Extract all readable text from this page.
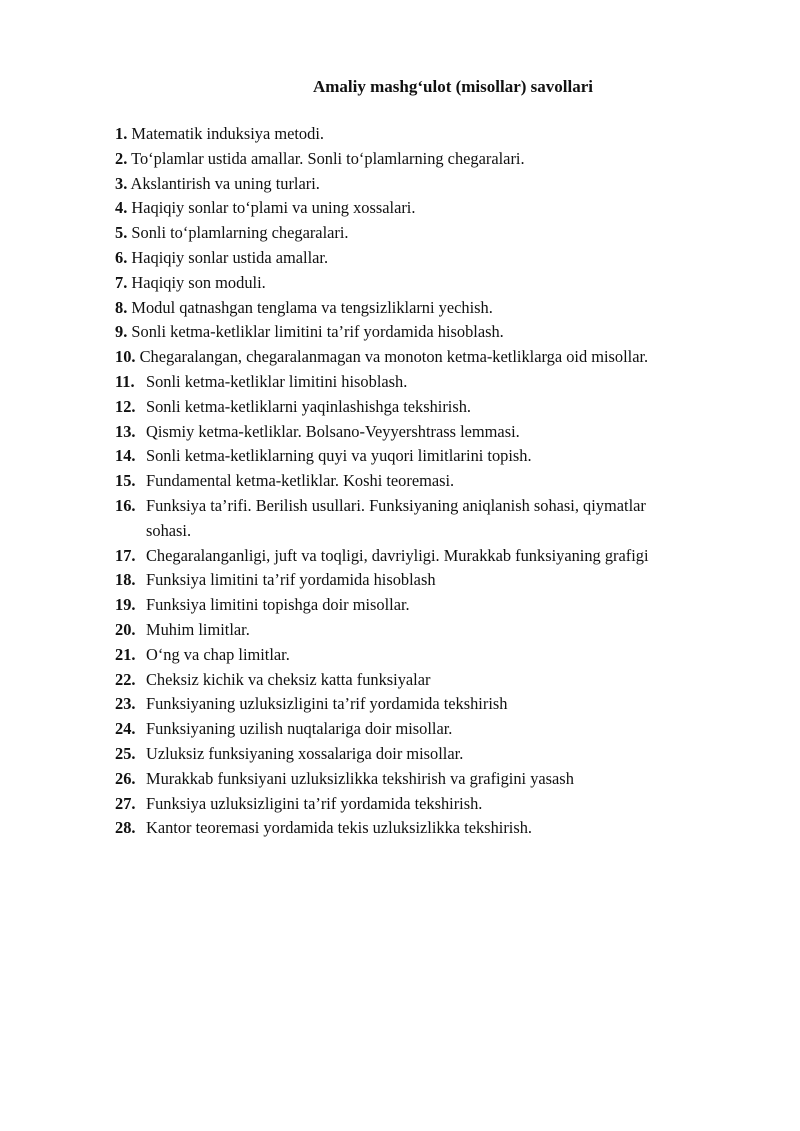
Amaliy mashg‘ulot (misollar) savollari
1. Matematik induksiya metodi.
2. To‘plamlar ustida amallar. Sonli to‘plamlarning chegaralari.
3. Akslantirish va uning turlari.
4. Haqiqiy sonlar to‘plami va uning xossalari.
5. Sonli to‘plamlarning chegaralari.
6. Haqiqiy sonlar ustida amallar.
7. Haqiqiy son moduli.
8. Modul qatnashgan tenglama va tengsizliklarni yechish.
9. Sonli ketma-ketliklar limitini ta’rif yordamida hisoblash.
10. Chegaralangan, chegaralanmagan va monoton ketma-ketliklarga oid misollar.
11. Sonli ketma-ketliklar limitini hisoblash.
12. Sonli ketma-ketliklarni yaqinlashishga tekshirish.
13. Qismiy ketma-ketliklar. Bolsano-Veyyershtrass lemmasi.
14. Sonli ketma-ketliklarning quyi va yuqori limitlarini topish.
15. Fundamental ketma-ketliklar. Koshi teoremasi.
16. Funksiya ta’rifi. Berilish usullari. Funksiyaning aniqlanish sohasi, qiymatlar
sohasi.
17. Chegaralanganligi, juft va toqligi, davriyligi. Murakkab funksiyaning grafigi
18. Funksiya limitini ta’rif yordamida hisoblash
19. Funksiya limitini topishga doir misollar.
20. Muhim limitlar.
21. O‘ng va chap limitlar.
22. Cheksiz kichik va cheksiz katta funksiyalar
23. Funksiyaning uzluksizligini ta’rif yordamida tekshirish
24. Funksiyaning uzilish nuqtalariga doir misollar.
25. Uzluksiz funksiyaning xossalariga doir misollar.
26. Murakkab funksiyani uzluksizlikka tekshirish va grafigini yasash
27. Funksiya uzluksizligini ta’rif yordamida tekshirish.
28. Kantor teoremasi yordamida tekis uzluksizlikka tekshirish.
